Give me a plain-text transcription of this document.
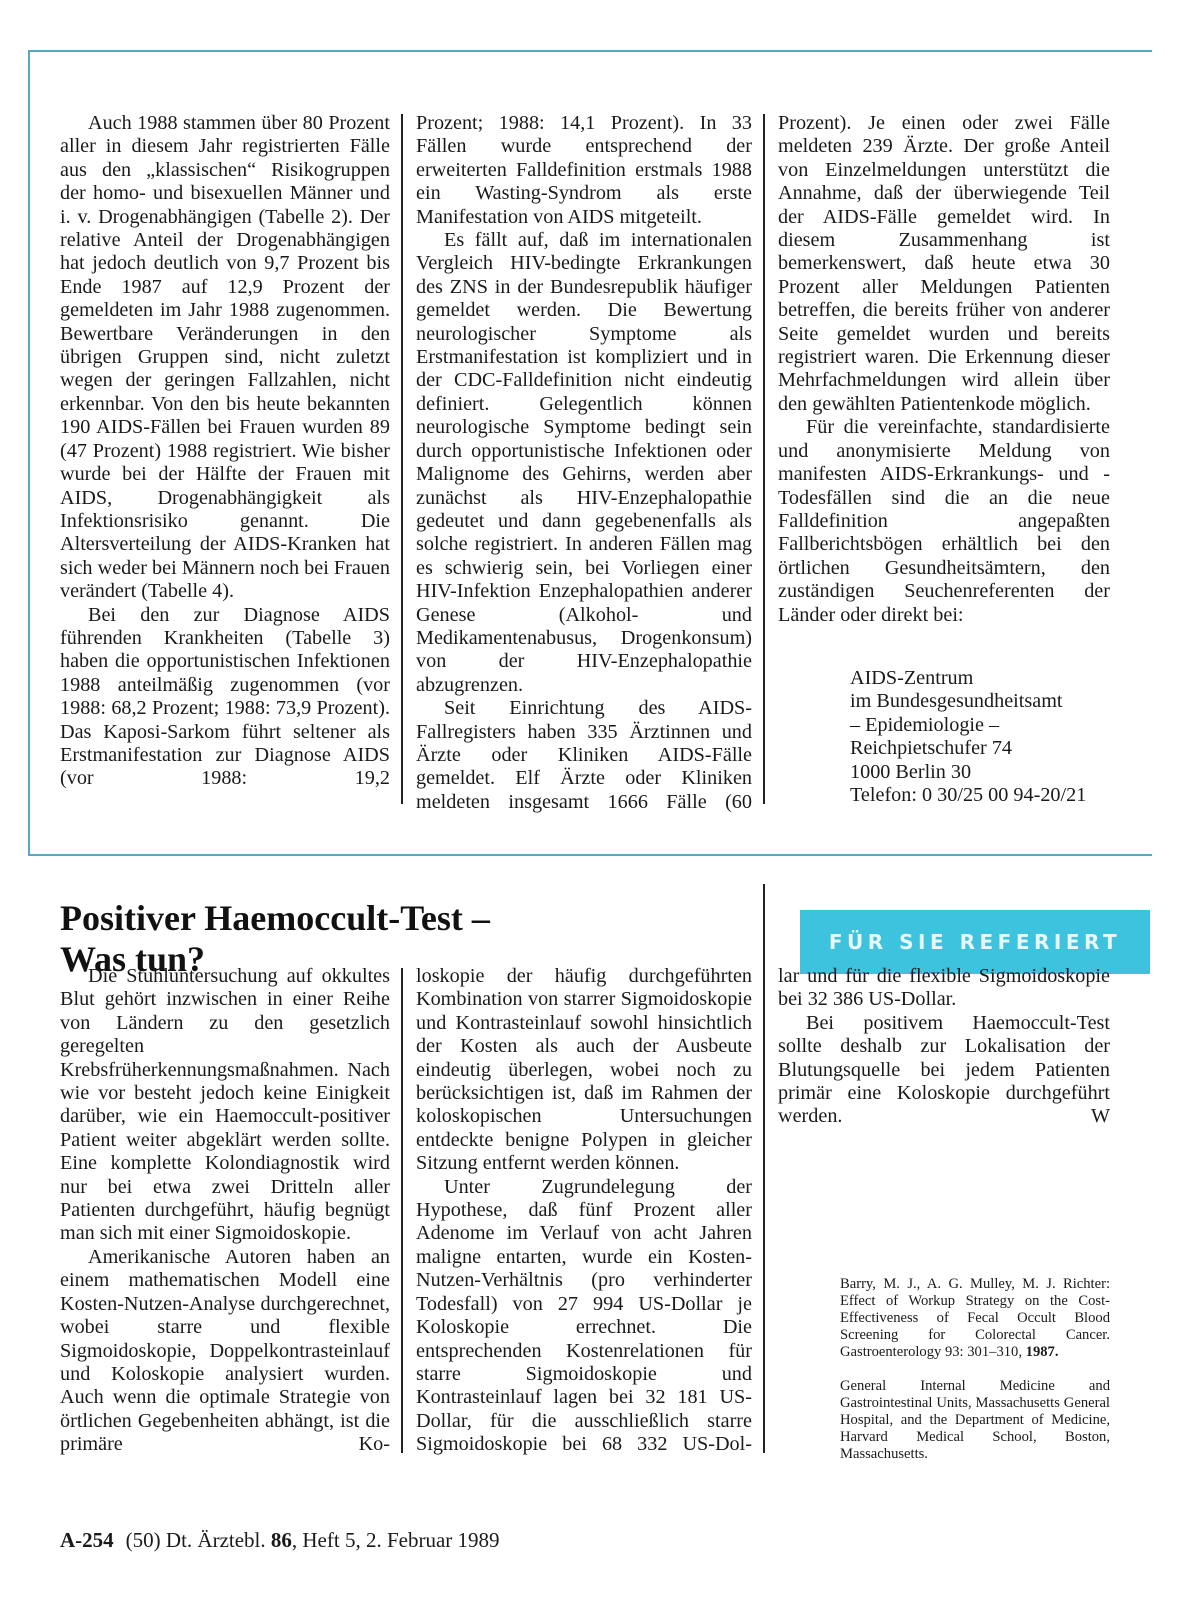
Auch 1988 stammen über 80 Prozent aller in diesem Jahr registrierten Fälle aus den „klassischen“ Risikogruppen der homo- und bisexuellen Männer und i. v. Drogenabhängigen (Tabelle 2). Der relative Anteil der Drogenabhängigen hat jedoch deutlich von 9,7 Prozent bis Ende 1987 auf 12,9 Prozent der gemeldeten im Jahr 1988 zugenommen. Bewertbare Veränderungen in den übrigen Gruppen sind, nicht zuletzt wegen der geringen Fallzahlen, nicht erkennbar. Von den bis heute bekannten 190 AIDS-Fällen bei Frauen wurden 89 (47 Prozent) 1988 registriert. Wie bisher wurde bei der Hälfte der Frauen mit AIDS, Drogenabhängigkeit als Infektionsrisiko genannt. Die Altersverteilung der AIDS-Kranken hat sich weder bei Männern noch bei Frauen verändert (Tabelle 4).

Bei den zur Diagnose AIDS führenden Krankheiten (Tabelle 3) haben die opportunistischen Infektionen 1988 anteilmäßig zugenommen (vor 1988: 68,2 Prozent; 1988: 73,9 Prozent). Das Kaposi-Sarkom führt seltener als Erstmanifestation zur Diagnose AIDS (vor 1988: 19,2

Prozent; 1988: 14,1 Prozent). In 33 Fällen wurde entsprechend der erweiterten Falldefinition erstmals 1988 ein Wasting-Syndrom als erste Manifestation von AIDS mitgeteilt.

Es fällt auf, daß im internationalen Vergleich HIV-bedingte Erkrankungen des ZNS in der Bundesrepublik häufiger gemeldet werden. Die Bewertung neurologischer Symptome als Erstmanifestation ist kompliziert und in der CDC-Falldefinition nicht eindeutig definiert. Gelegentlich können neurologische Symptome bedingt sein durch opportunistische Infektionen oder Malignome des Gehirns, werden aber zunächst als HIV-Enzephalopathie gedeutet und dann gegebenenfalls als solche registriert. In anderen Fällen mag es schwierig sein, bei Vorliegen einer HIV-Infektion Enzephalopathien anderer Genese (Alkohol- und Medikamentenabusus, Drogenkonsum) von der HIV-Enzephalopathie abzugrenzen.

Seit Einrichtung des AIDS-Fallregisters haben 335 Ärztinnen und Ärzte oder Kliniken AIDS-Fälle gemeldet. Elf Ärzte oder Kliniken meldeten insgesamt 1666 Fälle (60

Prozent). Je einen oder zwei Fälle meldeten 239 Ärzte. Der große Anteil von Einzelmeldungen unterstützt die Annahme, daß der überwiegende Teil der AIDS-Fälle gemeldet wird. In diesem Zusammenhang ist bemerkenswert, daß heute etwa 30 Prozent aller Meldungen Patienten betreffen, die bereits früher von anderer Seite gemeldet wurden und bereits registriert waren. Die Erkennung dieser Mehrfachmeldungen wird allein über den gewählten Patientenkode möglich.

Für die vereinfachte, standardisierte und anonymisierte Meldung von manifesten AIDS-Erkrankungs- und -Todesfällen sind die an die neue Falldefinition angepaßten Fallberichtsbögen erhältlich bei den örtlichen Gesundheitsämtern, den zuständigen Seuchenreferenten der Länder oder direkt bei:

AIDS-Zentrum
im Bundesgesundheitsamt
– Epidemiologie –
Reichpietschufer 74
1000 Berlin 30
Telefon: 0 30/25 00 94-20/21

Positiver Haemoccult-Test –
Was tun?	FÜR SIE REFERIERT

Die Stuhluntersuchung auf okkultes Blut gehört inzwischen in einer Reihe von Ländern zu den gesetzlich geregelten Krebsfrüherkennungsmaßnahmen. Nach wie vor besteht jedoch keine Einigkeit darüber, wie ein Haemoccult-positiver Patient weiter abgeklärt werden sollte. Eine komplette Kolondiagnostik wird nur bei etwa zwei Dritteln aller Patienten durchgeführt, häufig begnügt man sich mit einer Sigmoidoskopie.

Amerikanische Autoren haben an einem mathematischen Modell eine Kosten-Nutzen-Analyse durchgerechnet, wobei starre und flexible Sigmoidoskopie, Doppelkontrasteinlauf und Koloskopie analysiert wurden. Auch wenn die optimale Strategie von örtlichen Gegebenheiten abhängt, ist die primäre Ko-

loskopie der häufig durchgeführten Kombination von starrer Sigmoidoskopie und Kontrasteinlauf sowohl hinsichtlich der Kosten als auch der Ausbeute eindeutig überlegen, wobei noch zu berücksichtigen ist, daß im Rahmen der koloskopischen Untersuchungen entdeckte benigne Polypen in gleicher Sitzung entfernt werden können.

Unter Zugrundelegung der Hypothese, daß fünf Prozent aller Adenome im Verlauf von acht Jahren maligne entarten, wurde ein Kosten-Nutzen-Verhältnis (pro verhinderter Todesfall) von 27 994 US-Dollar je Koloskopie errechnet. Die entsprechenden Kostenrelationen für starre Sigmoidoskopie und Kontrasteinlauf lagen bei 32 181 US-Dollar, für die ausschließlich starre Sigmoidoskopie bei 68 332 US-Dol-

lar und für die flexible Sigmoidoskopie bei 32 386 US-Dollar.

Bei positivem Haemoccult-Test sollte deshalb zur Lokalisation der Blutungsquelle bei jedem Patienten primär eine Koloskopie durchgeführt werden.	W

Barry, M. J., A. G. Mulley, M. J. Richter: Effect of Workup Strategy on the Cost-Effectiveness of Fecal Occult Blood Screening for Colorectal Cancer. Gastroenterology 93: 301–310, 1987.

General Internal Medicine and Gastrointestinal Units, Massachusetts General Hospital, and the Department of Medicine, Harvard Medical School, Boston, Massachusetts.

A-254 (50) Dt. Ärztebl. 86, Heft 5, 2. Februar 1989
